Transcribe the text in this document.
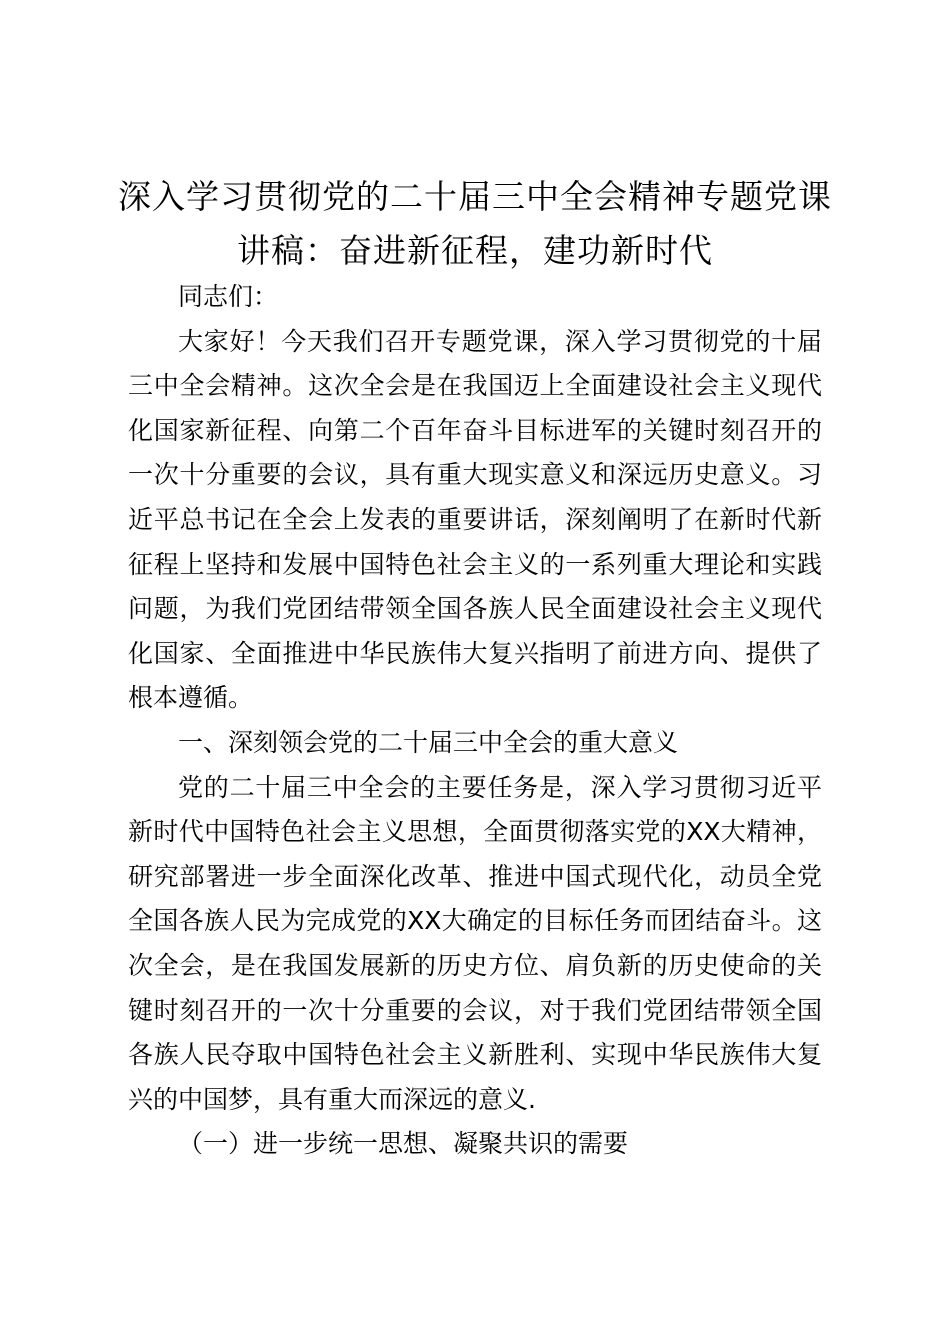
深入学习贯彻党的二十届三中全会精神专题党课讲稿：奋进新征程，建功新时代

同志们：

大家好！今天我们召开专题党课，深入学习贯彻党的十届三中全会精神。这次全会是在我国迈上全面建设社会主义现代化国家新征程、向第二个百年奋斗目标进军的关键时刻召开的一次十分重要的会议，具有重大现实意义和深远历史意义。习近平总书记在全会上发表的重要讲话，深刻阐明了在新时代新征程上坚持和发展中国特色社会主义的一系列重大理论和实践问题，为我们党团结带领全国各族人民全面建设社会主义现代化国家、全面推进中华民族伟大复兴指明了前进方向、提供了根本遵循。

一、深刻领会党的二十届三中全会的重大意义

党的二十届三中全会的主要任务是，深入学习贯彻习近平新时代中国特色社会主义思想，全面贯彻落实党的XX大精神，研究部署进一步全面深化改革、推进中国式现代化，动员全党全国各族人民为完成党的XX大确定的目标任务而团结奋斗。这次全会，是在我国发展新的历史方位、肩负新的历史使命的关键时刻召开的一次十分重要的会议，对于我们党团结带领全国各族人民夺取中国特色社会主义新胜利、实现中华民族伟大复兴的中国梦，具有重大而深远的意义.

（一）进一步统一思想、凝聚共识的需要
